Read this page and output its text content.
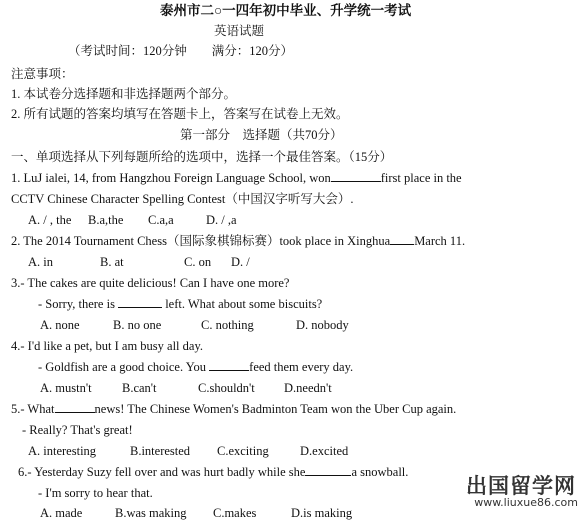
泰州市二○一四年初中毕业、升学统一考试
英语试题
（考试时间：120分钟　　满分：120分）
注意事项：
1. 本试卷分选择题和非选择题两个部分。
2. 所有试题的答案均填写在答题卡上，答案写在试卷上无效。
第一部分　选择题（共70分）
一、单项选择从下列每题所给的选项中，选择一个最佳答案。（15分）
1. LuJ ialei, 14, from Hangzhou Foreign Language School, won	first place in the
CCTV Chinese Character Spelling Contest（中国汉字听写大会）.
A. / , the B.a,the C.a,a	D. / ,a
2. The 2014 Tournament Chess（国际象棋锦标赛）took place in Xinghua March 11.
A. in	B. at	C. on D. /
3.- The cakes are quite delicious! Can I have one more?
- Sorry, there is	left. What about some biscuits?
A. none	B. no one	C. nothing	D. nobody
4.- I'd like a pet, but I am busy all day.
- Goldfish are a good choice. You	feed them every day.
A. mustn't B.can't	C.shouldn't D.needn't
5.- What	news! The Chinese Women's Badminton Team won the Uber Cup again.
- Really? That's great!
A. interesting	B.interested C.exciting	D.excited
6.- Yesterday Suzy fell over and was hurt badly while she	a snowball.
- I'm sorry to hear that.
A. made	B.was making C.makes	D.is making
出国留学网
www.liuxue86.com
